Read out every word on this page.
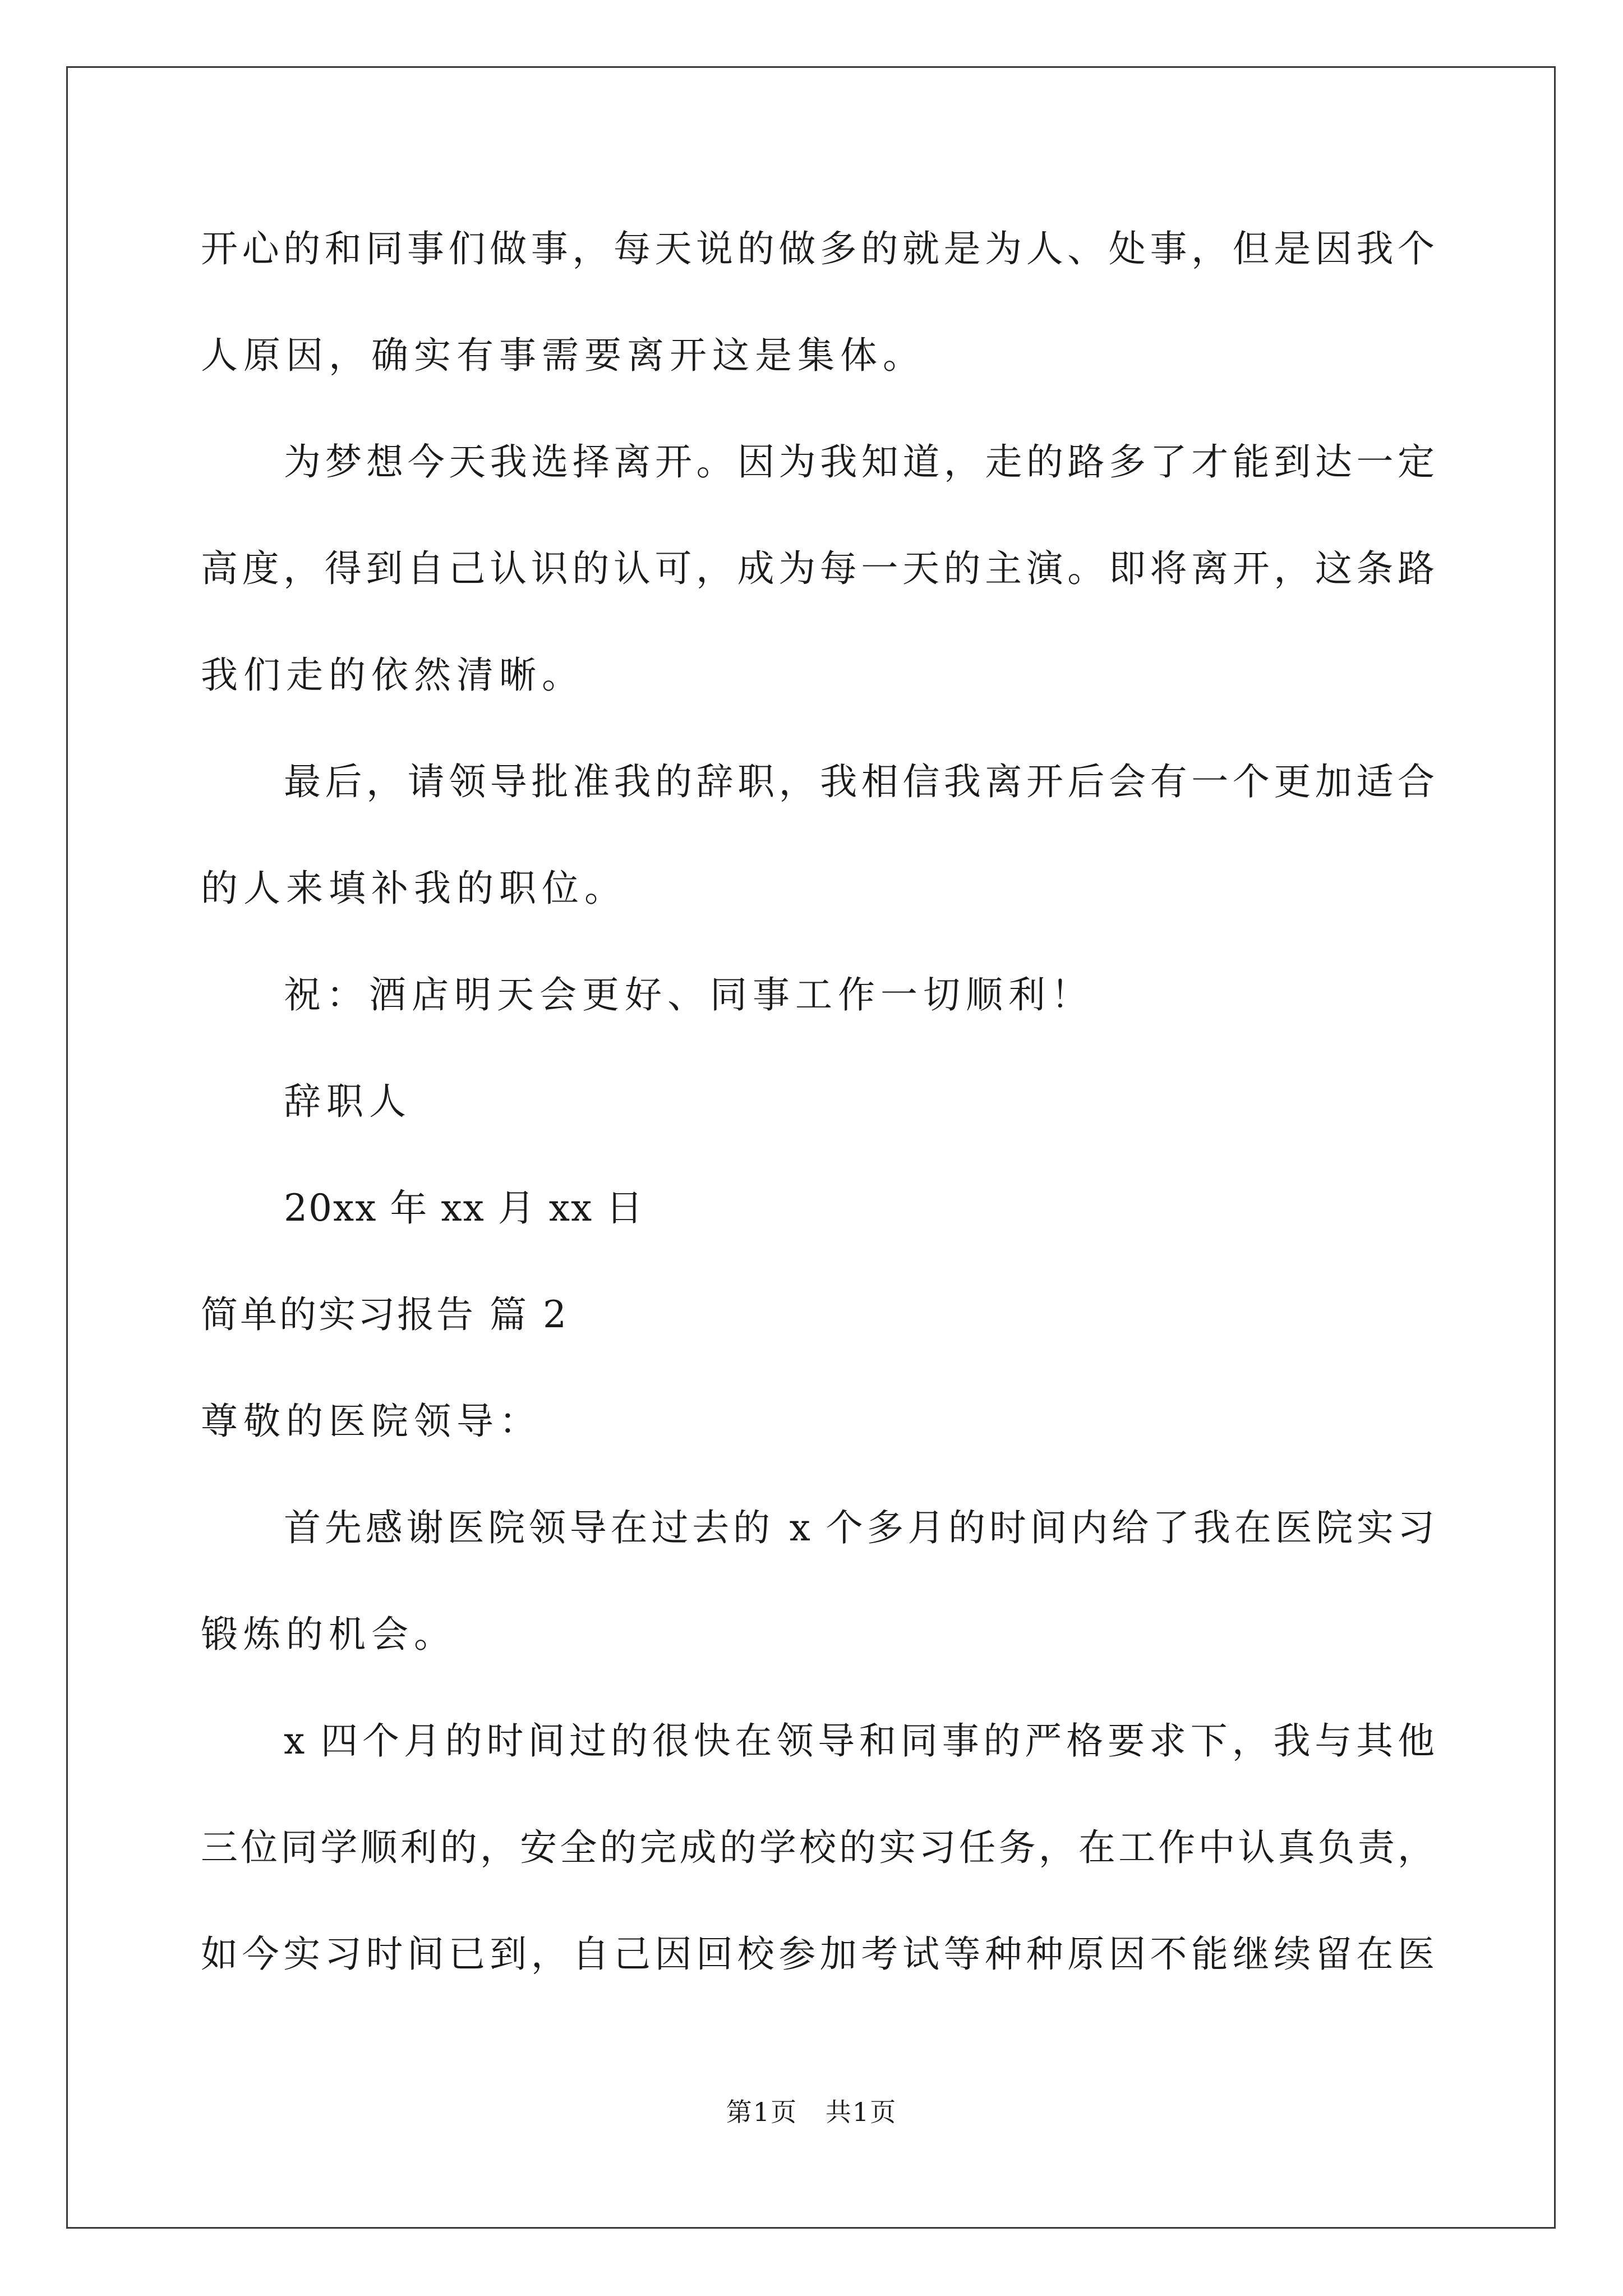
开心的和同事们做事，每天说的做多的就是为人、处事，但是因我个
人原因，确实有事需要离开这是集体。
为梦想今天我选择离开。因为我知道，走的路多了才能到达一定
高度，得到自己认识的认可，成为每一天的主演。即将离开，这条路
我们走的依然清晰。
最后，请领导批准我的辞职，我相信我离开后会有一个更加适合
的人来填补我的职位。
祝：酒店明天会更好、同事工作一切顺利！
辞职人
20xx 年 xx 月 xx 日
简单的实习报告 篇 2
尊敬的医院领导：
首先感谢医院领导在过去的 x 个多月的时间内给了我在医院实习
锻炼的机会。
x 四个月的时间过的很快在领导和同事的严格要求下，我与其他
三位同学顺利的，安全的完成的学校的实习任务，在工作中认真负责，
如今实习时间已到，自己因回校参加考试等种种原因不能继续留在医
第1页   共1页
